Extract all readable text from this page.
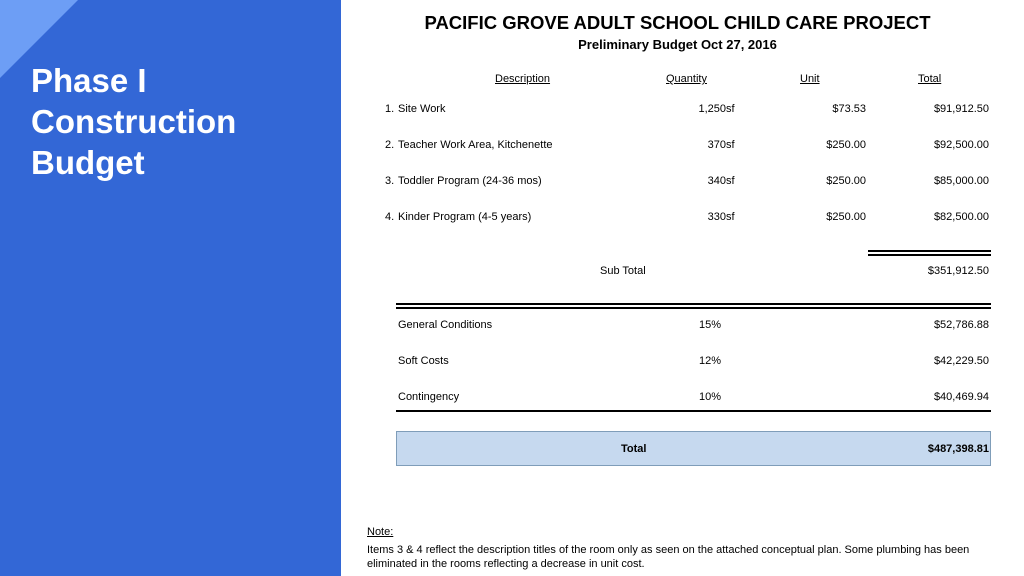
Phase I
Construction
Budget
PACIFIC GROVE ADULT SCHOOL CHILD CARE PROJECT
Preliminary Budget Oct 27, 2016
Description	Quantity	Unit	Total
1. Site Work	1,250 sf	$73.53	$91,912.50
2. Teacher Work Area, Kitchenette	370 sf	$250.00	$92,500.00
3. Toddler Program (24-36 mos)	340 sf	$250.00	$85,000.00
4. Kinder Program (4-5 years)	330 sf	$250.00	$82,500.00
Sub Total	$351,912.50
General Conditions	15%	$52,786.88
Soft Costs	12%	$42,229.50
Contingency	10%	$40,469.94
Total	$487,398.81
Note:
Items 3 & 4 reflect the description titles of the room only as seen on the attached conceptual plan. Some plumbing has been eliminated in the rooms reflecting a decrease in unit cost.
